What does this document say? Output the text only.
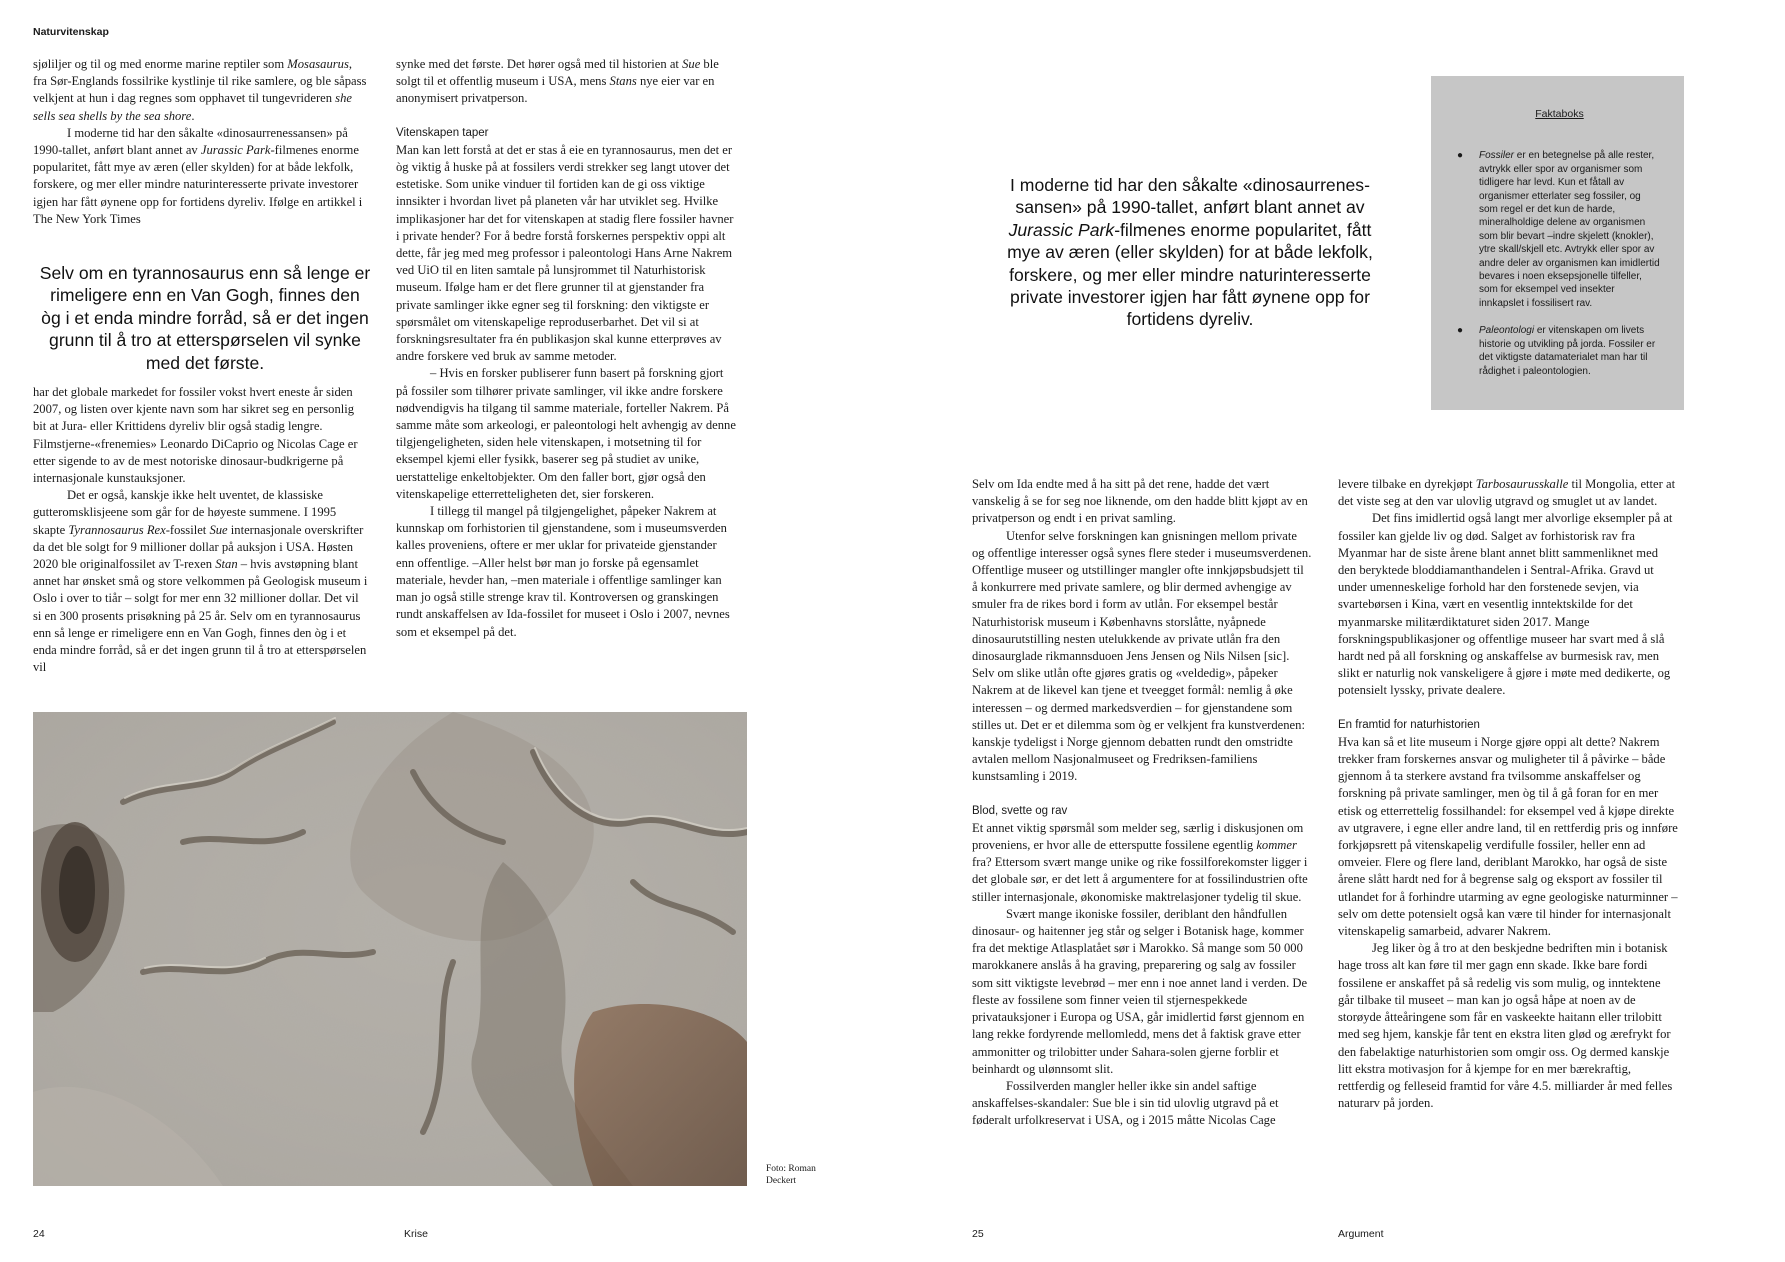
Naturvitenskap

sjøliljer og til og med enorme marine reptiler som Mosasaurus, fra Sør-Englands fossilrike kystlinje til rike samlere, og ble såpass velkjent at hun i dag regnes som opphavet til tungevrideren she sells sea shells by the sea shore.

I moderne tid har den såkalte «dinosaurrenessansen» på 1990-tallet, anført blant annet av Jurassic Park-filmenes enorme popularitet, fått mye av æren (eller skylden) for at både lekfolk, forskere, og mer eller mindre naturinteresserte private investorer igjen har fått øynene opp for fortidens dyreliv. Ifølge en artikkel i The New York Times

Selv om en tyrannosaurus enn så lenge er rimeligere enn en Van Gogh, finnes den òg i et enda mindre forråd, så er det ingen grunn til å tro at etterspørselen vil synke med det første.

har det globale markedet for fossiler vokst hvert eneste år siden 2007, og listen over kjente navn som har sikret seg en personlig bit at Jura- eller Krittidens dyreliv blir også stadig lengre. Filmstjerne-«frenemies» Leonardo DiCaprio og Nicolas Cage er etter sigende to av de mest notoriske dinosaur-budkrigerne på internasjonale kunstauksjoner.

Det er også, kanskje ikke helt uventet, de klassiske gutteromsklisjeene som går for de høyeste summene. I 1995 skapte Tyrannosaurus Rex-fossilet Sue internasjonale overskrifter da det ble solgt for 9 millioner dollar på auksjon i USA. Høsten 2020 ble originalfossilet av T-rexen Stan – hvis avstøpning blant annet har ønsket små og store velkommen på Geologisk museum i Oslo i over to tiår – solgt for mer enn 32 millioner dollar. Det vil si en 300 prosents prisøkning på 25 år. Selv om en tyrannosaurus enn så lenge er rimeligere enn en Van Gogh, finnes den òg i et enda mindre forråd, så er det ingen grunn til å tro at etterspørselen vil

synke med det første. Det hører også med til historien at Sue ble solgt til et offentlig museum i USA, mens Stans nye eier var en anonymisert privatperson.

Vitenskapen taper

Man kan lett forstå at det er stas å eie en tyrannosaurus, men det er òg viktig å huske på at fossilers verdi strekker seg langt utover det estetiske. Som unike vinduer til fortiden kan de gi oss viktige innsikter i hvordan livet på planeten vår har utviklet seg. Hvilke implikasjoner har det for vitenskapen at stadig flere fossiler havner i private hender? For å bedre forstå forskernes perspektiv oppi alt dette, får jeg med meg professor i paleontologi Hans Arne Nakrem ved UiO til en liten samtale på lunsjrommet til Naturhistorisk museum. Ifølge ham er det flere grunner til at gjenstander fra private samlinger ikke egner seg til forskning: den viktigste er spørsmålet om vitenskapelige reproduserbarhet. Det vil si at forskningsresultater fra én publikasjon skal kunne etterprøves av andre forskere ved bruk av samme metoder.

– Hvis en forsker publiserer funn basert på forskning gjort på fossiler som tilhører private samlinger, vil ikke andre forskere nødvendigvis ha tilgang til samme materiale, forteller Nakrem. På samme måte som arkeologi, er paleontologi helt avhengig av denne tilgjengeligheten, siden hele vitenskapen, i motsetning til for eksempel kjemi eller fysikk, baserer seg på studiet av unike, uerstattelige enkeltobjekter. Om den faller bort, gjør også den vitenskapelige etterretteligheten det, sier forskeren.

I tillegg til mangel på tilgjengelighet, påpeker Nakrem at kunnskap om forhistorien til gjenstandene, som i museumsverden kalles proveniens, oftere er mer uklar for privateide gjenstander enn offentlige. –Aller helst bør man jo forske på egensamlet materiale, hevder han, –men materiale i offentlige samlinger kan man jo også stille strenge krav til. Kontroversen og granskingen rundt anskaffelsen av Ida-fossilet for museet i Oslo i 2007, nevnes som et eksempel på det.

Foto: Roman Deckert
24	Krise
I moderne tid har den såkalte «dinosaurrenessansen» på 1990-tallet, anført blant annet av Jurassic Park-filmenes enorme popularitet, fått mye av æren (eller skylden) for at både lekfolk, forskere, og mer eller mindre naturinteresserte private investorer igjen har fått øynene opp for fortidens dyreliv.
Faktaboks
● Fossiler er en betegnelse på alle rester, avtrykk eller spor av organismer som tidligere har levd. Kun et fåtall av organismer etterlater seg fossiler, og som regel er det kun de harde, mineralholdige delene av organismen som blir bevart –indre skjelett (knokler), ytre skall/skjell etc. Avtrykk eller spor av andre deler av organismen kan imidlertid bevares i noen eksepsjonelle tilfeller, som for eksempel ved insekter innkapslet i fossilisert rav.
● Paleontologi er vitenskapen om livets historie og utvikling på jorda. Fossiler er det viktigste datamaterialet man har til rådighet i paleontologien.

Selv om Ida endte med å ha sitt på det rene, hadde det vært vanskelig å se for seg noe liknende, om den hadde blitt kjøpt av en privatperson og endt i en privat samling.

Utenfor selve forskningen kan gnisningen mellom private og offentlige interesser også synes flere steder i museumsverdenen. Offentlige museer og utstillinger mangler ofte innkjøpsbudsjett til å konkurrere med private samlere, og blir dermed avhengige av smuler fra de rikes bord i form av utlån. For eksempel består Naturhistorisk museum i Københavns storslåtte, nyåpnede dinosaurutstilling nesten utelukkende av private utlån fra den dinosaurglade rikmannsduoen Jens Jensen og Nils Nilsen [sic]. Selv om slike utlån ofte gjøres gratis og «veldedig», påpeker Nakrem at de likevel kan tjene et tveegget formål: nemlig å øke interessen – og dermed markedsverdien – for gjenstandene som stilles ut. Det er et dilemma som òg er velkjent fra kunstverdenen: kanskje tydeligst i Norge gjennom debatten rundt den omstridte avtalen mellom Nasjonalmuseet og Fredriksen-familiens kunstsamling i 2019.

Blod, svette og rav

Et annet viktig spørsmål som melder seg, særlig i diskusjonen om proveniens, er hvor alle de ettersputte fossilene egentlig kommer fra? Ettersom svært mange unike og rike fossilforekomster ligger i det globale sør, er det lett å argumentere for at fossilindustrien ofte stiller internasjonale, økonomiske maktrelasjoner tydelig til skue.

Svært mange ikoniske fossiler, deriblant den håndfullen dinosaur- og haitenner jeg står og selger i Botanisk hage, kommer fra det mektige Atlasplatået sør i Marokko. Så mange som 50 000 marokkanere anslås å ha graving, preparering og salg av fossiler som sitt viktigste levebrød – mer enn i noe annet land i verden. De fleste av fossilene som finner veien til stjernespekkede privatauksjoner i Europa og USA, går imidlertid først gjennom en lang rekke fordyrende mellomledd, mens det å faktisk grave etter ammonitter og trilobitter under Sahara-solen gjerne forblir et beinhardt og ulønnsomt slit.

Fossilverden mangler heller ikke sin andel saftige anskaffelses-skandaler: Sue ble i sin tid ulovlig utgravd på et føderalt urfolkreservat i USA, og i 2015 måtte Nicolas Cage

levere tilbake en dyrekjøpt Tarbosaurusskalle til Mongolia, etter at det viste seg at den var ulovlig utgravd og smuglet ut av landet.

Det fins imidlertid også langt mer alvorlige eksempler på at fossiler kan gjelde liv og død. Salget av forhistorisk rav fra Myanmar har de siste årene blant annet blitt sammenliknet med den beryktede bloddiamanthandelen i Sentral-Afrika. Gravd ut under umenneskelige forhold har den forstenede sevjen, via svartebørsen i Kina, vært en vesentlig inntektskilde for det myanmarske militærdiktaturet siden 2017. Mange forskningspublikasjoner og offentlige museer har svart med å slå hardt ned på all forskning og anskaffelse av burmesisk rav, men slikt er naturlig nok vanskeligere å gjøre i møte med dedikerte, og potensielt lyssky, private dealere.

En framtid for naturhistorien

Hva kan så et lite museum i Norge gjøre oppi alt dette? Nakrem trekker fram forskernes ansvar og muligheter til å påvirke – både gjennom å ta sterkere avstand fra tvilsomme anskaffelser og forskning på private samlinger, men òg til å gå foran for en mer etisk og etterrettelig fossilhandel: for eksempel ved å kjøpe direkte av utgravere, i egne eller andre land, til en rettferdig pris og innføre forkjøpsrett på vitenskapelig verdifulle fossiler, heller enn ad omveier. Flere og flere land, deriblant Marokko, har også de siste årene slått hardt ned for å begrense salg og eksport av fossiler til utlandet for å forhindre utarming av egne geologiske naturminner – selv om dette potensielt også kan være til hinder for internasjonalt vitenskapelig samarbeid, advarer Nakrem.

Jeg liker òg å tro at den beskjedne bedriften min i botanisk hage tross alt kan føre til mer gagn enn skade. Ikke bare fordi fossilene er anskaffet på så redelig vis som mulig, og inntektene går tilbake til museet – man kan jo også håpe at noen av de storøyde åtteåringene som får en vaskeekte haitann eller trilobitt med seg hjem, kanskje får tent en ekstra liten glød og ærefrykt for den fabelaktige naturhistorien som omgir oss. Og dermed kanskje litt ekstra motivasjon for å kjempe for en mer bærekraftig, rettferdig og felleseid framtid for våre 4.5. milliarder år med felles naturarv på jorden.

25	Argument
